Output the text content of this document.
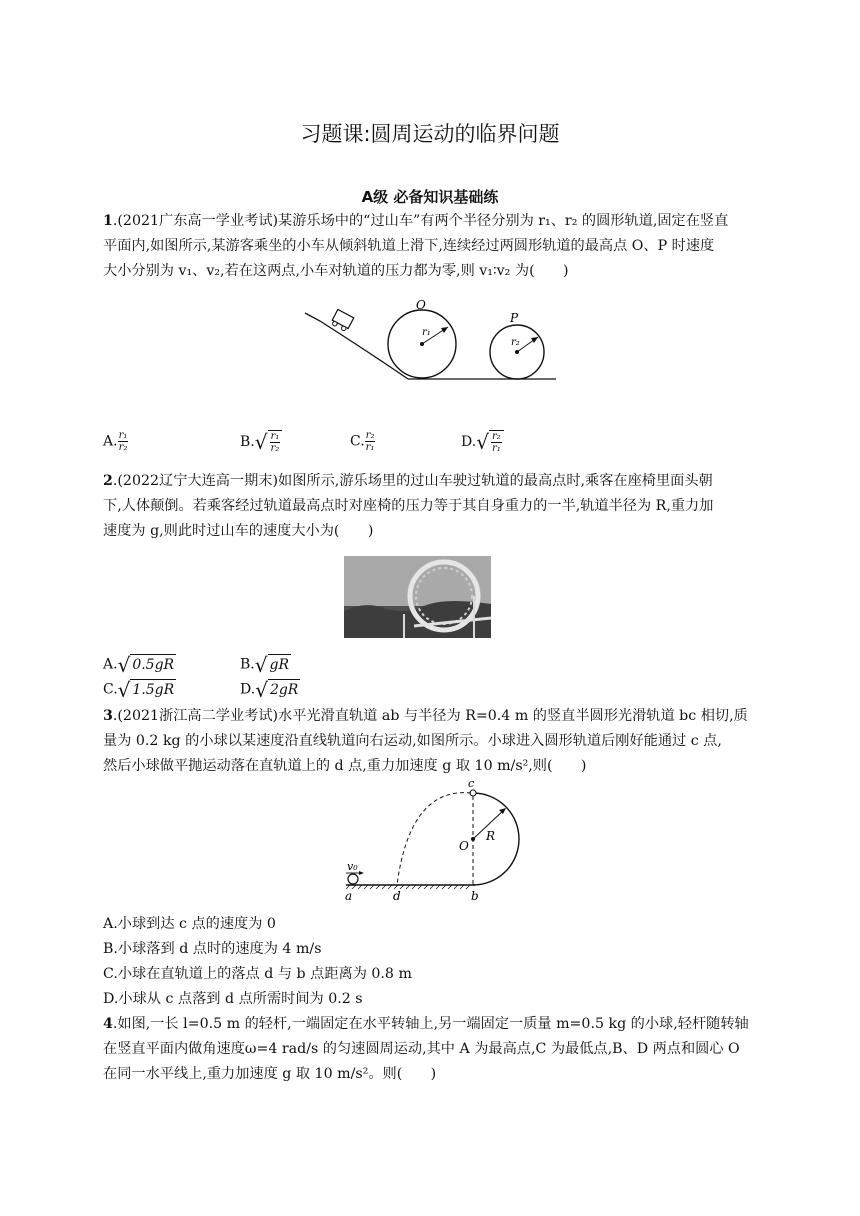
习题课:圆周运动的临界问题
A级 必备知识基础练
1.(2021广东高一学业考试)某游乐场中的“过山车”有两个半径分别为 r₁、r₂ 的圆形轨道,固定在竖直
平面内,如图所示,某游客乘坐的小车从倾斜轨道上滑下,连续经过两圆形轨道的最高点 O、P 时速度
大小分别为 v₁、v₂,若在这两点,小车对轨道的压力都为零,则 v₁∶v₂ 为(　　)
O
P
r₁
r₂
A. $\frac{\text{r₁}}{\text{r₂}}$	B. √ $\frac{\text{r₁}}{\text{r₂}}$	C. $\frac{\text{r₂}}{\text{r₁}}$	D. √ $\frac{\text{r₂}}{\text{r₁}}$
2.(2022辽宁大连高一期末)如图所示,游乐场里的过山车驶过轨道的最高点时,乘客在座椅里面头朝
下,人体颠倒。若乘客经过轨道最高点时对座椅的压力等于其自身重力的一半,轨道半径为 R,重力加
速度为 g,则此时过山车的速度大小为(　　)
A. √ 0.5gR	B. √ gR
C. √ 1.5gR	D. √ 2gR
3.(2021浙江高二学业考试)水平光滑直轨道 ab 与半径为 R=0.4 m 的竖直半圆形光滑轨道 bc 相切,质
量为 0.2 kg 的小球以某速度沿直线轨道向右运动,如图所示。小球进入圆形轨道后刚好能通过 c 点,
然后小球做平抛运动落在直轨道上的 d 点,重力加速度 g 取 10 m/s²,则(　　)
v₀
c
O
R
a	d	b
A.小球到达 c 点的速度为 0
B.小球落到 d 点时的速度为 4 m/s
C.小球在直轨道上的落点 d 与 b 点距离为 0.8 m
D.小球从 c 点落到 d 点所需时间为 0.2 s
4.如图,一长 l=0.5 m 的轻杆,一端固定在水平转轴上,另一端固定一质量 m=0.5 kg 的小球,轻杆随转轴
在竖直平面内做角速度ω=4 rad/s 的匀速圆周运动,其中 A 为最高点,C 为最低点,B、D 两点和圆心 O
在同一水平线上,重力加速度 g 取 10 m/s²。则(　　)
